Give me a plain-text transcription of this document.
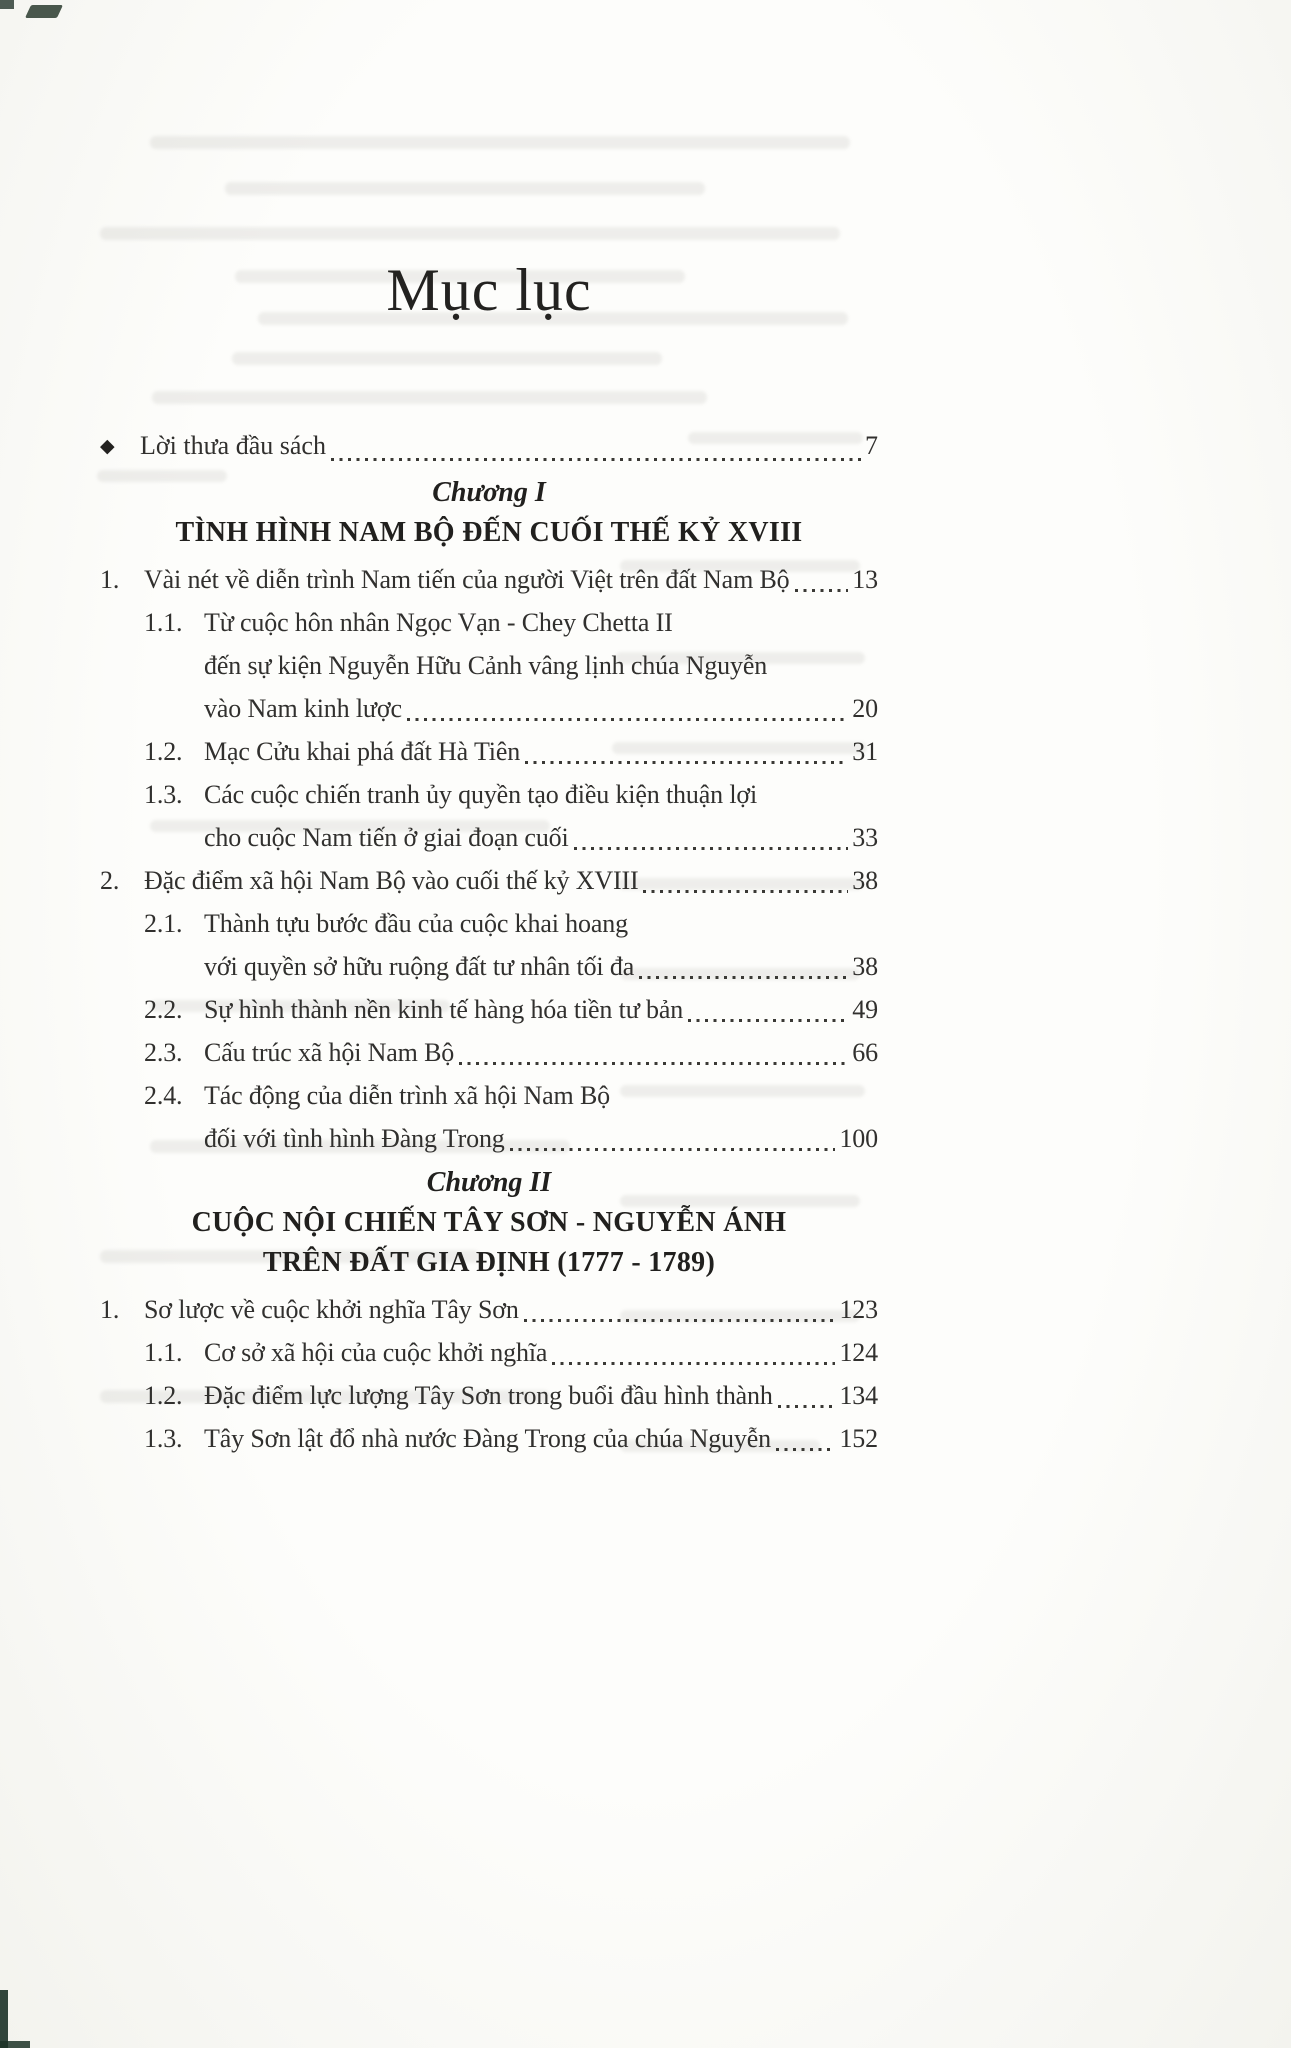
Mục lục
◆ Lời thưa đầu sách	7
Chương I
TÌNH HÌNH NAM BỘ ĐẾN CUỐI THẾ KỶ XVIII
1. Vài nét về diễn trình Nam tiến của người Việt trên đất Nam Bộ 13
1.1. Từ cuộc hôn nhân Ngọc Vạn - Chey Chetta II
đến sự kiện Nguyễn Hữu Cảnh vâng lịnh chúa Nguyễn
vào Nam kinh lược	20
1.2. Mạc Cửu khai phá đất Hà Tiên	31
1.3. Các cuộc chiến tranh ủy quyền tạo điều kiện thuận lợi
cho cuộc Nam tiến ở giai đoạn cuối	33
2. Đặc điểm xã hội Nam Bộ vào cuối thế kỷ XVIII	38
2.1. Thành tựu bước đầu của cuộc khai hoang
với quyền sở hữu ruộng đất tư nhân tối đa	38
2.2. Sự hình thành nền kinh tế hàng hóa tiền tư bản	49
2.3. Cấu trúc xã hội Nam Bộ	66
2.4. Tác động của diễn trình xã hội Nam Bộ
đối với tình hình Đàng Trong	100
Chương II
CUỘC NỘI CHIẾN TÂY SƠN - NGUYỄN ÁNH
TRÊN ĐẤT GIA ĐỊNH (1777 - 1789)
1. Sơ lược về cuộc khởi nghĩa Tây Sơn	123
1.1. Cơ sở xã hội của cuộc khởi nghĩa	124
1.2. Đặc điểm lực lượng Tây Sơn trong buổi đầu hình thành	134
1.3. Tây Sơn lật đổ nhà nước Đàng Trong của chúa Nguyễn	152
